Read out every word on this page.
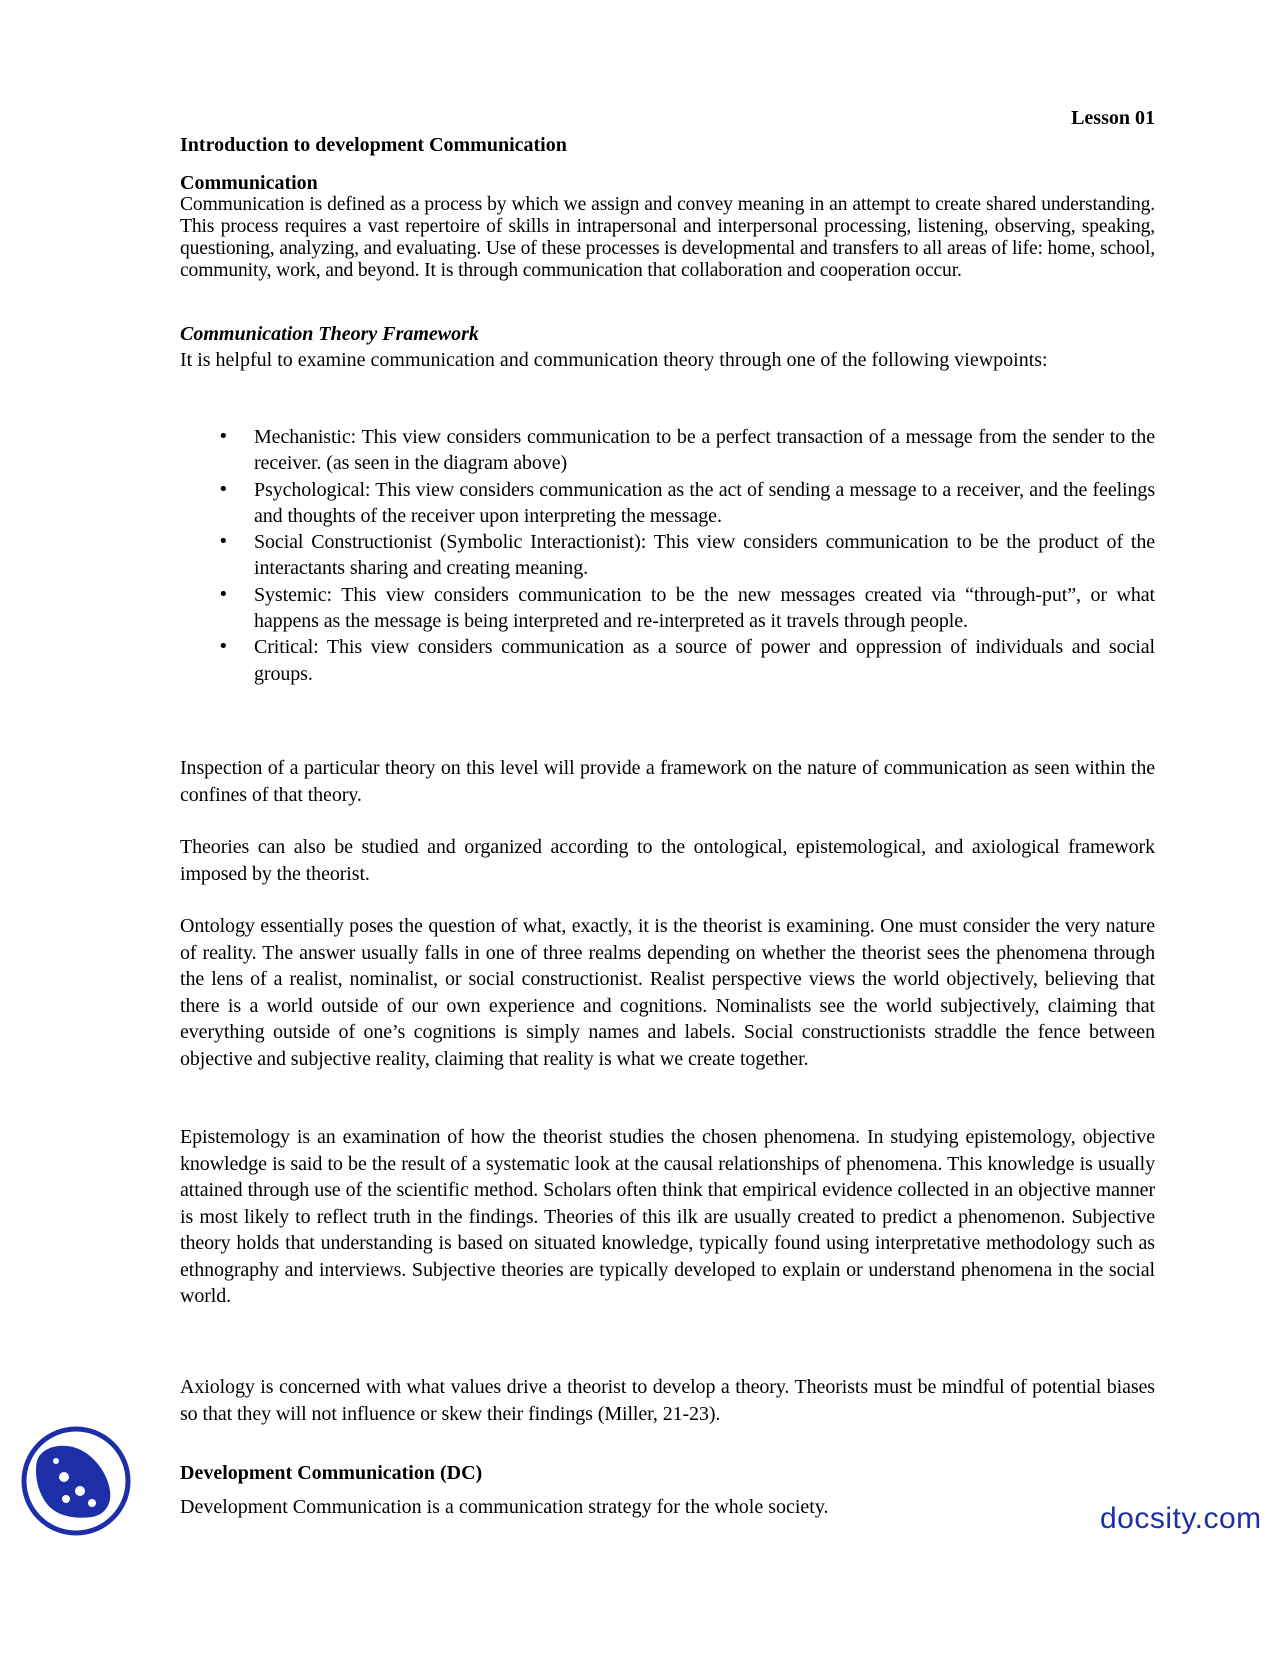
Lesson 01
Introduction to development Communication
Communication

Communication is defined as a process by which we assign and convey meaning in an attempt to create shared understanding. This process requires a vast repertoire of skills in intrapersonal and interpersonal processing, listening, observing, speaking, questioning, analyzing, and evaluating. Use of these processes is developmental and transfers to all areas of life: home, school, community, work, and beyond. It is through communication that collaboration and cooperation occur.

Communication Theory Framework

It is helpful to examine communication and communication theory through one of the following viewpoints:

• Mechanistic: This view considers communication to be a perfect transaction of a message from the sender to the receiver. (as seen in the diagram above)
• Psychological: This view considers communication as the act of sending a message to a receiver, and the feelings and thoughts of the receiver upon interpreting the message.
• Social Constructionist (Symbolic Interactionist): This view considers communication to be the product of the interactants sharing and creating meaning.
• Systemic: This view considers communication to be the new messages created via “through-put”, or what happens as the message is being interpreted and re-interpreted as it travels through people.
• Critical: This view considers communication as a source of power and oppression of individuals and social groups.

Inspection of a particular theory on this level will provide a framework on the nature of communication as seen within the confines of that theory.

Theories can also be studied and organized according to the ontological, epistemological, and axiological framework imposed by the theorist.

Ontology essentially poses the question of what, exactly, it is the theorist is examining. One must consider the very nature of reality. The answer usually falls in one of three realms depending on whether the theorist sees the phenomena through the lens of a realist, nominalist, or social constructionist. Realist perspective views the world objectively, believing that there is a world outside of our own experience and cognitions. Nominalists see the world subjectively, claiming that everything outside of one’s cognitions is simply names and labels. Social constructionists straddle the fence between objective and subjective reality, claiming that reality is what we create together.

Epistemology is an examination of how the theorist studies the chosen phenomena. In studying epistemology, objective knowledge is said to be the result of a systematic look at the causal relationships of phenomena. This knowledge is usually attained through use of the scientific method. Scholars often think that empirical evidence collected in an objective manner is most likely to reflect truth in the findings. Theories of this ilk are usually created to predict a phenomenon. Subjective theory holds that understanding is based on situated knowledge, typically found using interpretative methodology such as ethnography and interviews. Subjective theories are typically developed to explain or understand phenomena in the social world.

Axiology is concerned with what values drive a theorist to develop a theory. Theorists must be mindful of potential biases so that they will not influence or skew their findings (Miller, 21-23).

Development Communication (DC)

Development Communication is a communication strategy for the whole society.	docsity.com
